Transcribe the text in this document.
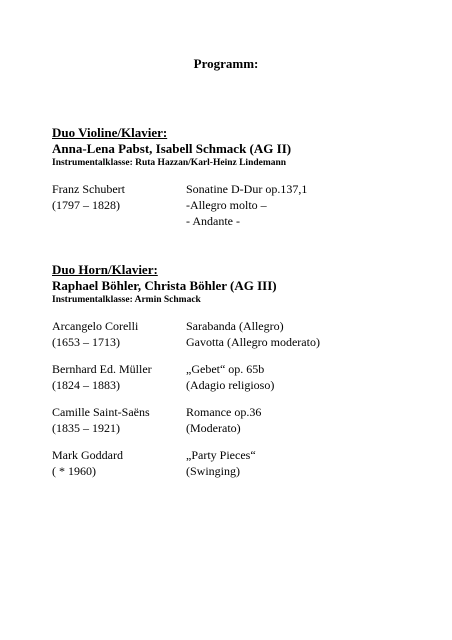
Programm:

Duo Violine/Klavier:

Anna-Lena Pabst, Isabell Schmack (AG II)

Instrumentalklasse: Ruta Hazzan/Karl-Heinz Lindemann

Franz Schubert
(1797 – 1828)
Sonatine D-Dur op.137,1
-Allegro molto –
- Andante -

Duo Horn/Klavier:

Raphael Böhler, Christa Böhler (AG III)

Instrumentalklasse: Armin Schmack

Arcangelo Corelli
(1653 – 1713)
Sarabanda (Allegro)
Gavotta (Allegro moderato)
Bernhard Ed. Müller
(1824 – 1883)
„Gebet“ op. 65b
(Adagio religioso)
Camille Saint-Saëns
(1835 – 1921)
Romance op.36
(Moderato)
Mark Goddard
( * 1960)
„Party Pieces“
(Swinging)
